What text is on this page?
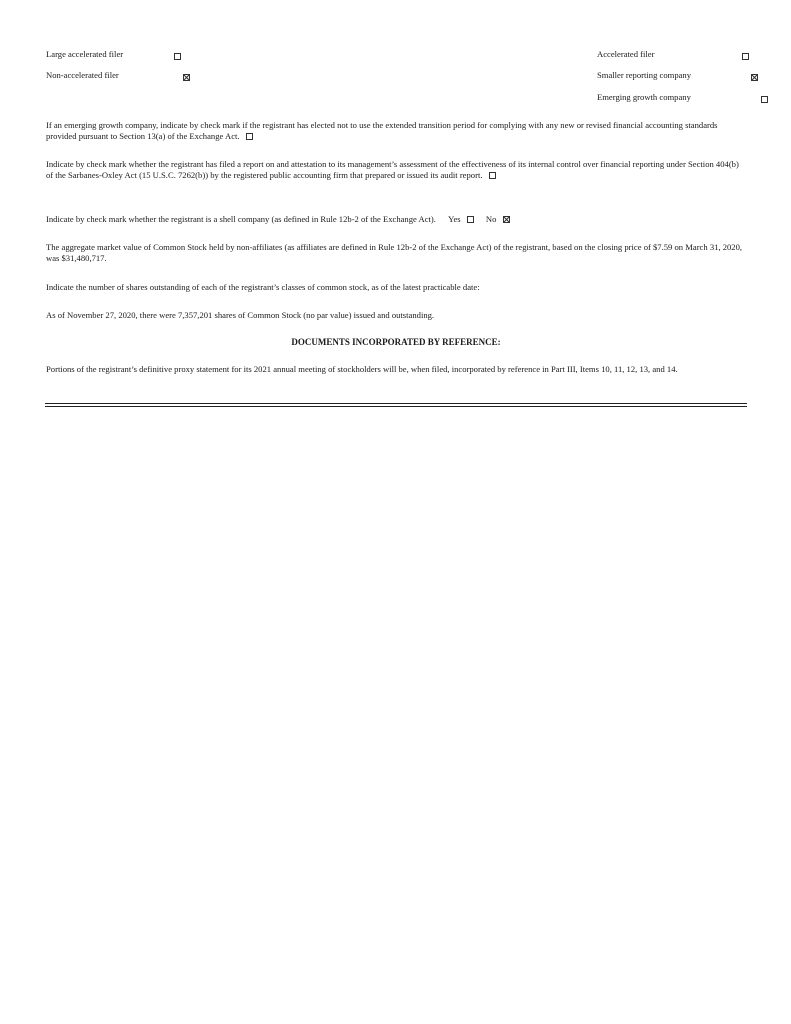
Large accelerated filer

Non-accelerated filer

Accelerated filer

Smaller reporting company

Emerging growth company
If an emerging growth company, indicate by check mark if the registrant has elected not to use the extended transition period for complying with any new or revised financial accounting standards provided pursuant to Section 13(a) of the Exchange Act.
Indicate by check mark whether the registrant has filed a report on and attestation to its management’s assessment of the effectiveness of its internal control over financial reporting under Section 404(b) of the Sarbanes-Oxley Act (15 U.S.C. 7262(b)) by the registered public accounting firm that prepared or issued its audit report.
Indicate by check mark whether the registrant is a shell company (as defined in Rule 12b-2 of the Exchange Act). Yes	No
The aggregate market value of Common Stock held by non-affiliates (as affiliates are defined in Rule 12b-2 of the Exchange Act) of the registrant, based on the closing price of $7.59 on March 31, 2020, was $31,480,717.
Indicate the number of shares outstanding of each of the registrant’s classes of common stock, as of the latest practicable date:
As of November 27, 2020, there were 7,357,201 shares of Common Stock (no par value) issued and outstanding.
DOCUMENTS INCORPORATED BY REFERENCE:
Portions of the registrant’s definitive proxy statement for its 2021 annual meeting of stockholders will be, when filed, incorporated by reference in Part III, Items 10, 11, 12, 13, and 14.
